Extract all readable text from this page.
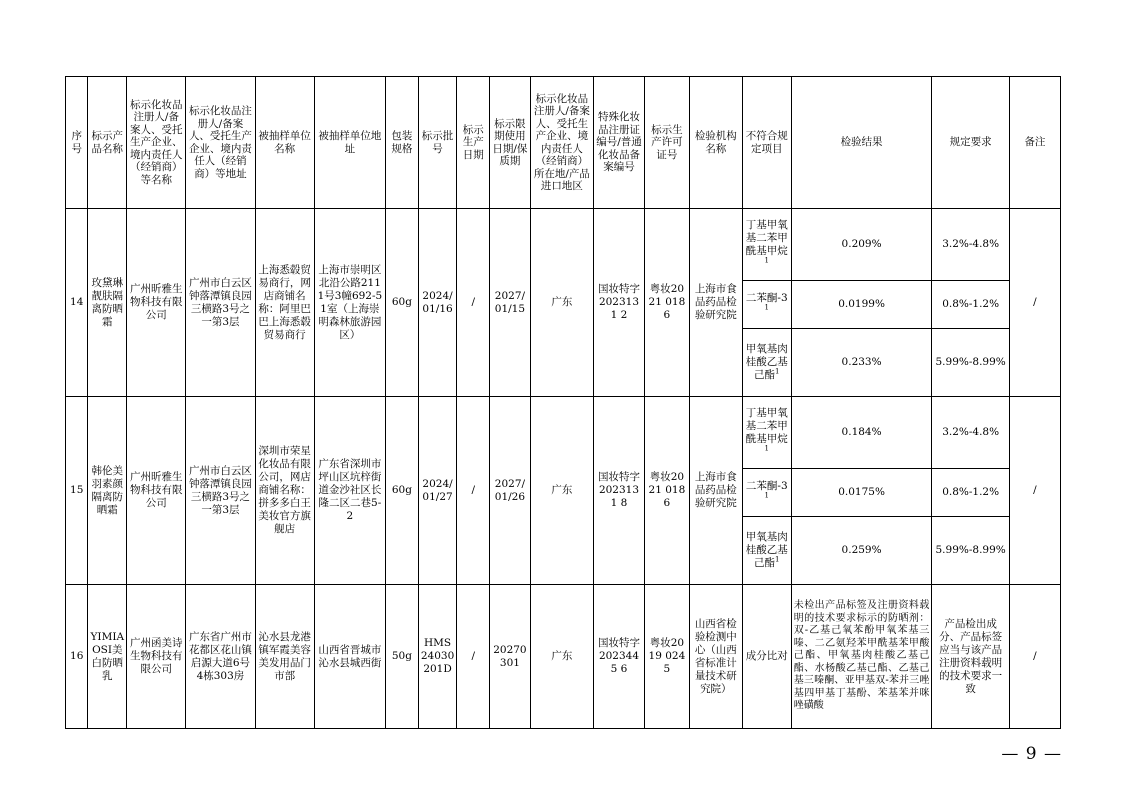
序号	标示产品名称	标示化妆品注册人/备案人、受托生产企业、境内责任人（经销商）等名称	标示化妆品注册人/备案人、受托生产企业、境内责任人（经销商）等地址	被抽样单位名称	被抽样单位地址	包装规格	标示批号	标示生产日期	标示限期使用日期/保质期	标示化妆品注册人/备案人、受托生产企业、境内责任人（经销商）所在地/产品进口地区	特殊化妆品注册证编号/普通化妆品备案编号	标示生产许可证号	检验机构名称	不符合规定项目	检验结果	规定要求	备注
14	玫黛琳靓肤隔离防晒霜	广州昕雅生物科技有限公司	广州市白云区钟落潭镇良园三横路3号之一第3层	上海悉毂贸易商行，网店商铺名称：阿里巴巴上海悉毂贸易商行	上海市崇明区北沿公路2111号3幢692-51室（上海崇明森林旅游园区）	60g	2024/01/16	/	2027/01/15	广东	国妆特字2023131 2	粤妆2021 0186	上海市食品药品检验研究院	丁基甲氧基二苯甲酰基甲烷$^1$	0.209%	3.2%-4.8%	/
														二苯酮$-3^1$	0.0199%	0.8%-1.2%	
														甲氧基肉桂酸乙基己酯$^1$	0.233%	5.99%-8.99%	
15	韩伦美羽素颜隔离防晒霜	广州昕雅生物科技有限公司	广州市白云区钟落潭镇良园三横路3号之一第3层	深圳市荣星化妆品有限公司，网店商铺名称：拼多多白王美妆官方旗舰店	广东省深圳市坪山区坑梓街道金沙社区长隆二区二巷5-2	60g	2024/01/27	/	2027/01/26	广东	国妆特字2023131 8	粤妆2021 0186	上海市食品药品检验研究院	丁基甲氧基二苯甲酰基甲烷$^1$	0.184%	3.2%-4.8%	/
														二苯酮$-3^1$	0.0175%	0.8%-1.2%	
														甲氧基肉桂酸乙基己酯$^1$	0.259%	5.99%-8.99%	
16	YIMIAOSI美白防晒乳	广州函美诗生物科技有限公司	广东省广州市花都区花山镇启源大道6号4栋303房	沁水县龙港镇军霞美容美发用品门市部	山西省晋城市沁水县城西街	50g	HMS24030201D	/	20270301	广东	国妆特字2023445 6	粤妆2019 0245	山西省检验检测中心（山西省标准计量技术研究院）	成分比对	未检出产品标签及注册资料载明的技术要求标示的防晒剂：双-乙基己氧苯酚甲氧苯基三嗪、二乙氨羟苯甲酰基苯甲酸己酯、甲氧基肉桂酸乙基己酯、水杨酸乙基己酯、乙基己基三嗪酮、亚甲基双-苯并三唑基四甲基丁基酚、苯基苯并咪唑磺酸	产品检出成分、产品标签应当与该产品注册资料载明的技术要求一致	/
— 9 —
